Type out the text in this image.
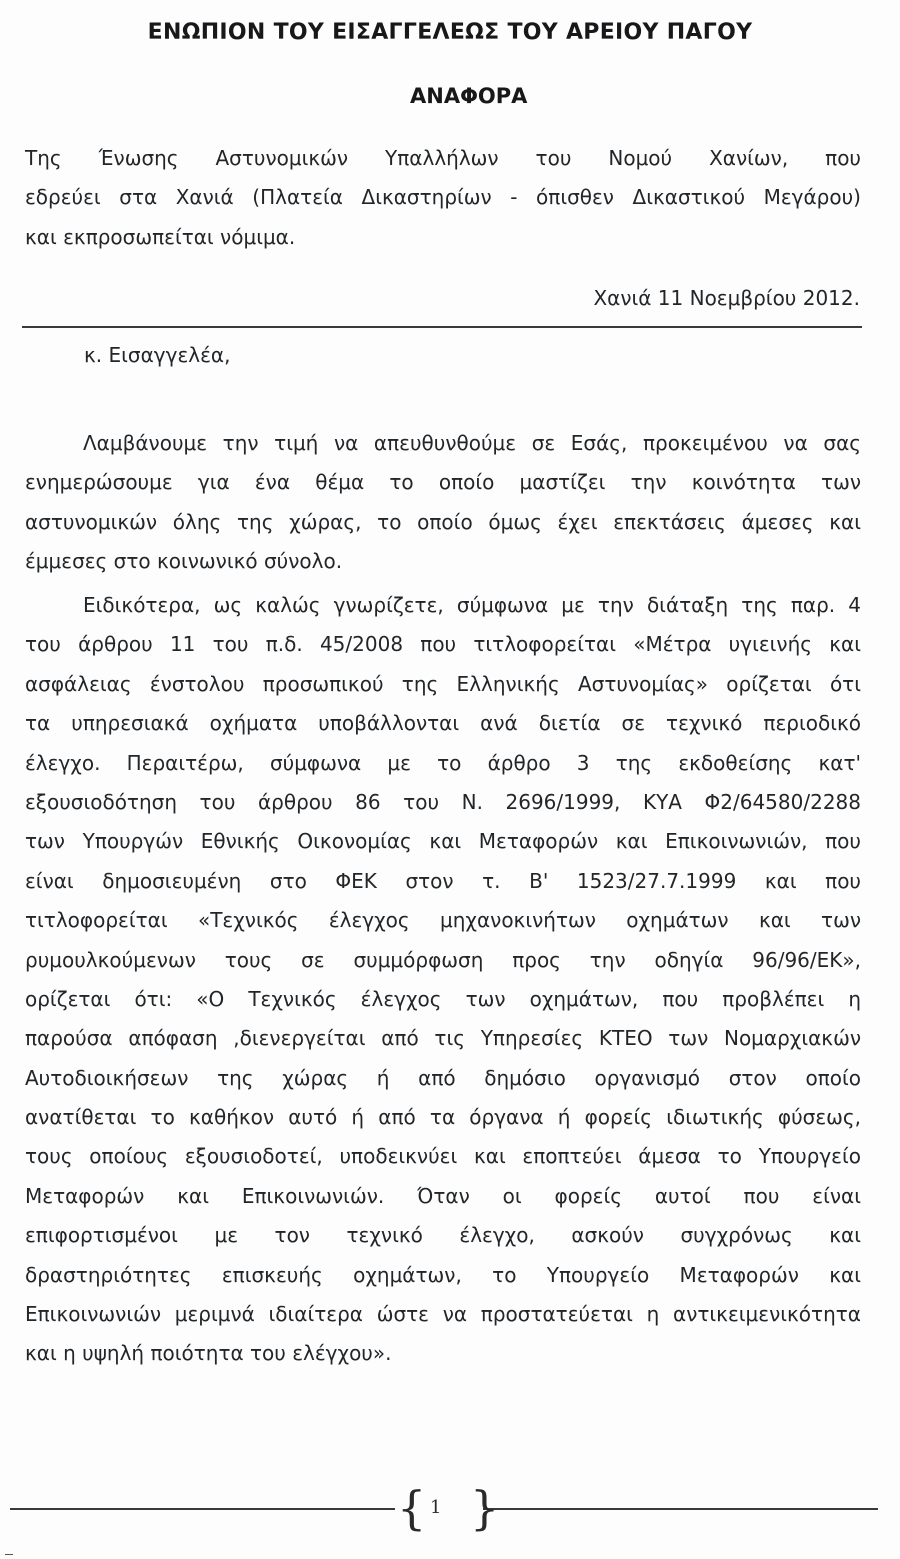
ΕΝΩΠΙΟΝ ΤΟΥ ΕΙΣΑΓΓΕΛΕΩΣ ΤΟΥ ΑΡΕΙΟΥ ΠΑΓΟΥ
ΑΝΑΦΟΡΑ
Της Ένωσης Αστυνομικών Υπαλλήλων του Νομού Χανίων, που
εδρεύει στα Χανιά (Πλατεία Δικαστηρίων - όπισθεν Δικαστικού Μεγάρου)
και εκπροσωπείται νόμιμα.
Χανιά 11 Νοεμβρίου 2012.
κ. Εισαγγελέα,
Λαμβάνουμε την τιμή να απευθυνθούμε σε Εσάς, προκειμένου να σας
ενημερώσουμε για ένα θέμα το οποίο μαστίζει την κοινότητα των
αστυνομικών όλης της χώρας, το οποίο όμως έχει επεκτάσεις άμεσες και
έμμεσες στο κοινωνικό σύνολο.
Ειδικότερα, ως καλώς γνωρίζετε, σύμφωνα με την διάταξη της παρ. 4
του άρθρου 11 του π.δ. 45/2008 που τιτλοφορείται «Μέτρα υγιεινής και
ασφάλειας ένστολου προσωπικού της Ελληνικής Αστυνομίας» ορίζεται ότι
τα υπηρεσιακά οχήματα υποβάλλονται ανά διετία σε τεχνικό περιοδικό
έλεγχο. Περαιτέρω, σύμφωνα με το άρθρο 3 της εκδοθείσης κατ'
εξουσιοδότηση του άρθρου 86 του Ν. 2696/1999, ΚΥΑ Φ2/64580/2288
των Υπουργών Εθνικής Οικονομίας και Μεταφορών και Επικοινωνιών, που
είναι δημοσιευμένη στο ΦΕΚ στον τ. Β' 1523/27.7.1999 και που
τιτλοφορείται «Τεχνικός έλεγχος μηχανοκινήτων οχημάτων και των
ρυμουλκούμενων τους σε συμμόρφωση προς την οδηγία 96/96/ΕΚ»,
ορίζεται ότι: «Ο Τεχνικός έλεγχος των οχημάτων, που προβλέπει η
παρούσα απόφαση ,διενεργείται από τις Υπηρεσίες ΚΤΕΟ των Νομαρχιακών
Αυτοδιοικήσεων της χώρας ή από δημόσιο οργανισμό στον οποίο
ανατίθεται το καθήκον αυτό ή από τα όργανα ή φορείς ιδιωτικής φύσεως,
τους οποίους εξουσιοδοτεί, υποδεικνύει και εποπτεύει άμεσα το Υπουργείο
Μεταφορών και Επικοινωνιών. Όταν οι φορείς αυτοί που είναι
επιφορτισμένοι με τον τεχνικό έλεγχο, ασκούν συγχρόνως και
δραστηριότητες επισκευής οχημάτων, το Υπουργείο Μεταφορών και
Επικοινωνιών μεριμνά ιδιαίτερα ώστε να προστατεύεται η αντικειμενικότητα
και η υψηλή ποιότητα του ελέγχου».
{ 1 }
